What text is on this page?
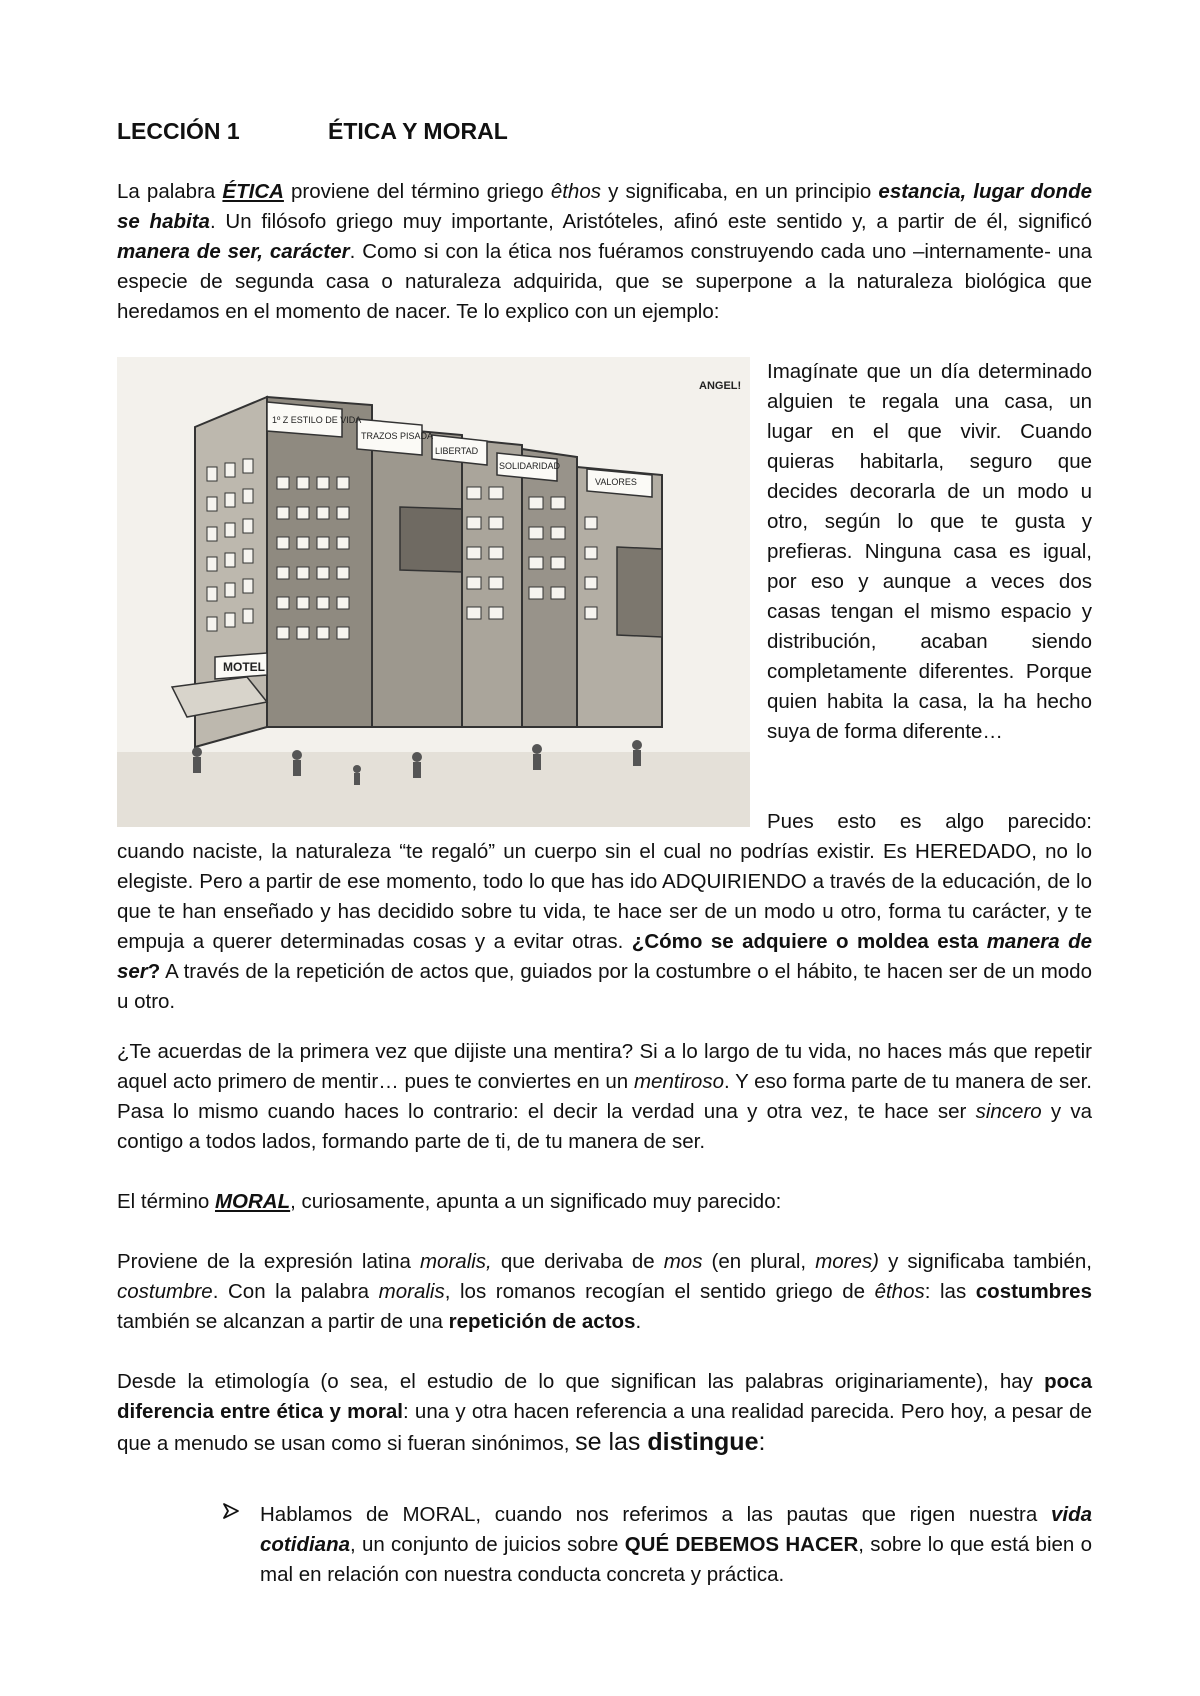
LECCIÓN 1	ÉTICA Y MORAL
La palabra ÉTICA proviene del término griego êthos y significaba, en un principio estancia, lugar donde se habita. Un filósofo griego muy importante, Aristóteles, afinó este sentido y, a partir de él, significó manera de ser, carácter. Como si con la ética nos fuéramos construyendo cada uno –internamente- una especie de segunda casa o naturaleza adquirida, que se superpone a la naturaleza biológica que heredamos en el momento de nacer. Te lo explico con un ejemplo:
1º Z ESTILO DE VIDA
TRAZOS PISADA
LIBERTAD
SOLIDARIDAD
VALORES
MOTEL
ANGEL!
Imagínate que un día determinado alguien te regala una casa, un lugar en el que vivir. Cuando quieras habitarla, seguro que decides decorarla de un modo u otro, según lo que te gusta y prefieras. Ninguna casa es igual, por eso y aunque a veces dos casas tengan el mismo espacio y distribución, acaban siendo completamente diferentes. Porque quien habita la casa, la ha hecho suya de forma diferente…
Pues esto es algo parecido:
cuando naciste, la naturaleza “te regaló” un cuerpo sin el cual no podrías existir. Es HEREDADO, no lo elegiste. Pero a partir de ese momento, todo lo que has ido ADQUIRIENDO a través de la educación, de lo que te han enseñado y has decidido sobre tu vida, te hace ser de un modo u otro, forma tu carácter, y te empuja a querer determinadas cosas y a evitar otras. ¿Cómo se adquiere o moldea esta manera de ser? A través de la repetición de actos que, guiados por la costumbre o el hábito, te hacen ser de un modo u otro.
¿Te acuerdas de la primera vez que dijiste una mentira? Si a lo largo de tu vida, no haces más que repetir aquel acto primero de mentir… pues te conviertes en un mentiroso. Y eso forma parte de tu manera de ser. Pasa lo mismo cuando haces lo contrario: el decir la verdad una y otra vez, te hace ser sincero y va contigo a todos lados, formando parte de ti, de tu manera de ser.
El término MORAL, curiosamente, apunta a un significado muy parecido:
Proviene de la expresión latina moralis, que derivaba de mos (en plural, mores) y significaba también, costumbre. Con la palabra moralis, los romanos recogían el sentido griego de êthos: las costumbres también se alcanzan a partir de una repetición de actos.
Desde la etimología (o sea, el estudio de lo que significan las palabras originariamente), hay poca diferencia entre ética y moral: una y otra hacen referencia a una realidad parecida. Pero hoy, a pesar de que a menudo se usan como si fueran sinónimos, se las distingue:
Hablamos de MORAL, cuando nos referimos a las pautas que rigen nuestra vida cotidiana, un conjunto de juicios sobre QUÉ DEBEMOS HACER, sobre lo que está bien o mal en relación con nuestra conducta concreta y práctica.
